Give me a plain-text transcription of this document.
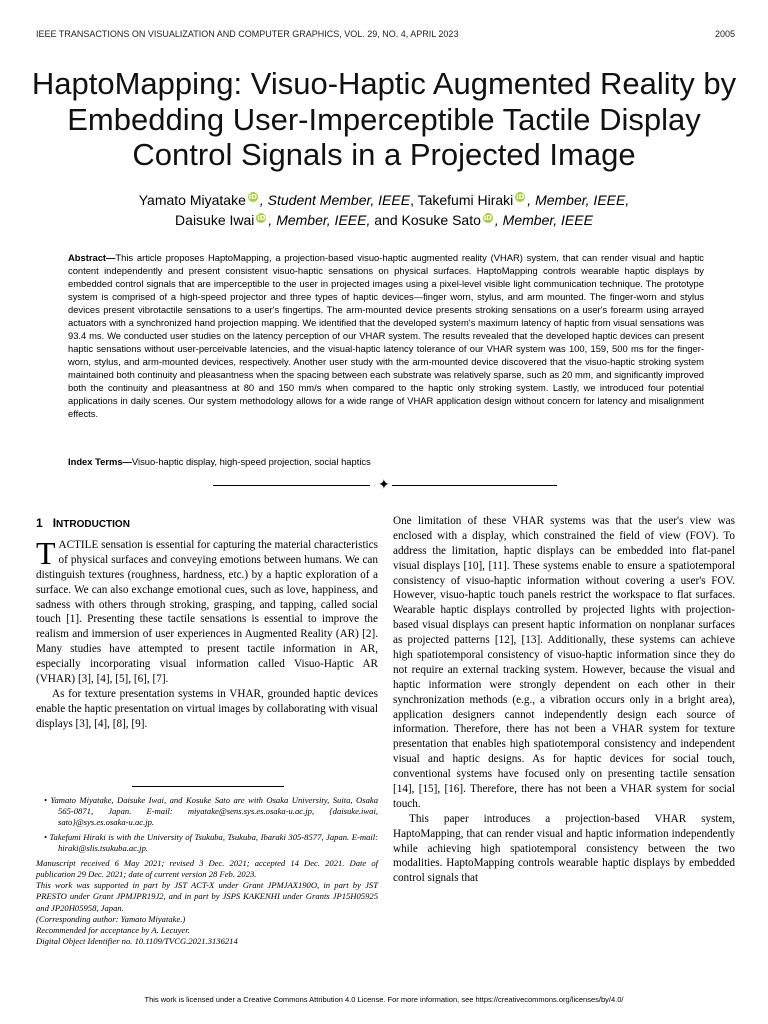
IEEE TRANSACTIONS ON VISUALIZATION AND COMPUTER GRAPHICS, VOL. 29, NO. 4, APRIL 2023	2005
HaptoMapping: Visuo-Haptic Augmented Reality by Embedding User-Imperceptible Tactile Display Control Signals in a Projected Image
Yamato Miyatake iD , Student Member, IEEE, Takefumi Hiraki iD , Member, IEEE,
Daisuke Iwai iD , Member, IEEE, and Kosuke Sato iD , Member, IEEE
Abstract—This article proposes HaptoMapping, a projection-based visuo-haptic augmented reality (VHAR) system, that can render visual and haptic content independently and present consistent visuo-haptic sensations on physical surfaces. HaptoMapping controls wearable haptic displays by embedded control signals that are imperceptible to the user in projected images using a pixel-level visible light communication technique. The prototype system is comprised of a high-speed projector and three types of haptic devices—finger worn, stylus, and arm mounted. The finger-worn and stylus devices present vibrotactile sensations to a user's fingertips. The arm-mounted device presents stroking sensations on a user's forearm using arrayed actuators with a synchronized hand projection mapping. We identified that the developed system's maximum latency of haptic from visual sensations was 93.4 ms. We conducted user studies on the latency perception of our VHAR system. The results revealed that the developed haptic devices can present haptic sensations without user-perceivable latencies, and the visual-haptic latency tolerance of our VHAR system was 100, 159, 500 ms for the finger-worn, stylus, and arm-mounted devices, respectively. Another user study with the arm-mounted device discovered that the visuo-haptic stroking system maintained both continuity and pleasantness when the spacing between each substrate was relatively sparse, such as 20 mm, and significantly improved both the continuity and pleasantness at 80 and 150 mm/s when compared to the haptic only stroking system. Lastly, we introduced four potential applications in daily scenes. Our system methodology allows for a wide range of VHAR application design without concern for latency and misalignment effects.
Index Terms—Visuo-haptic display, high-speed projection, social haptics
✦
1 INTRODUCTION
TACTILE sensation is essential for capturing the material characteristics of physical surfaces and conveying emotions between humans. We can distinguish textures (roughness, hardness, etc.) by a haptic exploration of a surface. We can also exchange emotional cues, such as love, happiness, and sadness with others through stroking, grasping, and tapping, called social touch [1]. Presenting these tactile sensations is essential to improve the realism and immersion of user experiences in Augmented Reality (AR) [2]. Many studies have attempted to present tactile information in AR, especially incorporating visual information called Visuo-Haptic AR (VHAR) [3], [4], [5], [6], [7].
As for texture presentation systems in VHAR, grounded haptic devices enable the haptic presentation on virtual images by collaborating with visual displays [3], [4], [8], [9].
• Yamato Miyatake, Daisuke Iwai, and Kosuke Sato are with Osaka University, Suita, Osaka 565-0871, Japan. E-mail: miyatake@sens.sys.es.osaka-u.ac.jp, {daisuke.iwai, sato}@sys.es.osaka-u.ac.jp.
• Takefumi Hiraki is with the University of Tsukuba, Tsukuba, Ibaraki 305-8577, Japan. E-mail: hiraki@slis.tsukuba.ac.jp.
Manuscript received 6 May 2021; revised 3 Dec. 2021; accepted 14 Dec. 2021. Date of publication 29 Dec. 2021; date of current version 28 Feb. 2023.
This work was supported in part by JST ACT-X under Grant JPMJAX190O, in part by JST PRESTO under Grant JPMJPR19J2, and in part by JSPS KAKENHI under Grants JP15H05925 and JP20H05958, Japan.
(Corresponding author: Yamato Miyatake.)
Recommended for acceptance by A. Lecuyer.
Digital Object Identifier no. 10.1109/TVCG.2021.3136214
One limitation of these VHAR systems was that the user's view was enclosed with a display, which constrained the field of view (FOV). To address the limitation, haptic displays can be embedded into flat-panel visual displays [10], [11]. These systems enable to ensure a spatiotemporal consistency of visuo-haptic information without covering a user's FOV. However, visuo-haptic touch panels restrict the workspace to flat surfaces. Wearable haptic displays controlled by projected lights with projection-based visual displays can present haptic information on nonplanar surfaces as projected patterns [12], [13]. Additionally, these systems can achieve high spatiotemporal consistency of visuo-haptic information since they do not require an external tracking system. However, because the visual and haptic information were strongly dependent on each other in their synchronization methods (e.g., a vibration occurs only in a bright area), application designers cannot independently design each source of information. Therefore, there has not been a VHAR system for texture presentation that enables high spatiotemporal consistency and independent visual and haptic designs. As for haptic devices for social touch, conventional systems have focused only on presenting tactile sensation [14], [15], [16]. Therefore, there has not been a VHAR system for social touch.
This paper introduces a projection-based VHAR system, HaptoMapping, that can render visual and haptic information independently while achieving high spatiotemporal consistency between the two modalities. HaptoMapping controls wearable haptic displays by embedded control signals that
This work is licensed under a Creative Commons Attribution 4.0 License. For more information, see https://creativecommons.org/licenses/by/4.0/
